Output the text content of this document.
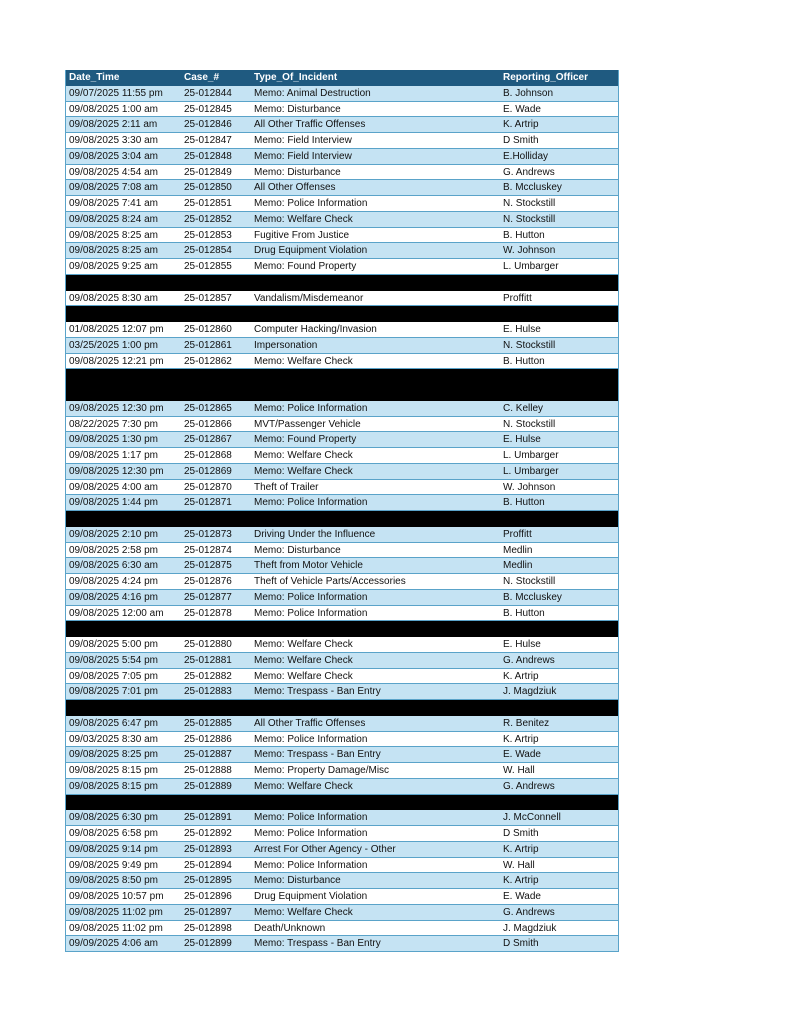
Date_Time	Case_#	Type_Of_Incident	Reporting_Officer
09/07/2025 11:55 pm	25-012844	Memo: Animal Destruction	B. Johnson
09/08/2025 1:00 am	25-012845	Memo: Disturbance	E. Wade
09/08/2025 2:11 am	25-012846	All Other Traffic Offenses	K. Artrip
09/08/2025 3:30 am	25-012847	Memo: Field Interview	D Smith
09/08/2025 3:04 am	25-012848	Memo: Field Interview	E.Holliday
09/08/2025 4:54 am	25-012849	Memo: Disturbance	G. Andrews
09/08/2025 7:08 am	25-012850	All Other Offenses	B. Mccluskey
09/08/2025 7:41 am	25-012851	Memo: Police Information	N. Stockstill
09/08/2025 8:24 am	25-012852	Memo: Welfare Check	N. Stockstill
09/08/2025 8:25 am	25-012853	Fugitive From Justice	B. Hutton
09/08/2025 8:25 am	25-012854	Drug Equipment Violation	W. Johnson
09/08/2025 9:25 am	25-012855	Memo: Found Property	L. Umbarger
09/08/2025 8:30 am	25-012857	Vandalism/Misdemeanor	Proffitt
01/08/2025 12:07 pm	25-012860	Computer Hacking/Invasion	E. Hulse
03/25/2025 1:00 pm	25-012861	Impersonation	N. Stockstill
09/08/2025 12:21 pm	25-012862	Memo: Welfare Check	B. Hutton
09/08/2025 12:30 pm	25-012865	Memo: Police Information	C. Kelley
08/22/2025 7:30 pm	25-012866	MVT/Passenger Vehicle	N. Stockstill
09/08/2025 1:30 pm	25-012867	Memo: Found Property	E. Hulse
09/08/2025 1:17 pm	25-012868	Memo: Welfare Check	L. Umbarger
09/08/2025 12:30 pm	25-012869	Memo: Welfare Check	L. Umbarger
09/08/2025 4:00 am	25-012870	Theft of Trailer	W. Johnson
09/08/2025 1:44 pm	25-012871	Memo: Police Information	B. Hutton
09/08/2025 2:10 pm	25-012873	Driving Under the Influence	Proffitt
09/08/2025 2:58 pm	25-012874	Memo: Disturbance	Medlin
09/08/2025 6:30 am	25-012875	Theft from Motor Vehicle	Medlin
09/08/2025 4:24 pm	25-012876	Theft of Vehicle Parts/Accessories	N. Stockstill
09/08/2025 4:16 pm	25-012877	Memo: Police Information	B. Mccluskey
09/08/2025 12:00 am	25-012878	Memo: Police Information	B. Hutton
09/08/2025 5:00 pm	25-012880	Memo: Welfare Check	E. Hulse
09/08/2025 5:54 pm	25-012881	Memo: Welfare Check	G. Andrews
09/08/2025 7:05 pm	25-012882	Memo: Welfare Check	K. Artrip
09/08/2025 7:01 pm	25-012883	Memo: Trespass - Ban Entry	J. Magdziuk
09/08/2025 6:47 pm	25-012885	All Other Traffic Offenses	R. Benitez
09/03/2025 8:30 am	25-012886	Memo: Police Information	K. Artrip
09/08/2025 8:25 pm	25-012887	Memo: Trespass - Ban Entry	E. Wade
09/08/2025 8:15 pm	25-012888	Memo: Property Damage/Misc	W. Hall
09/08/2025 8:15 pm	25-012889	Memo: Welfare Check	G. Andrews
09/08/2025 6:30 pm	25-012891	Memo: Police Information	J. McConnell
09/08/2025 6:58 pm	25-012892	Memo: Police Information	D Smith
09/08/2025 9:14 pm	25-012893	Arrest For Other Agency - Other	K. Artrip
09/08/2025 9:49 pm	25-012894	Memo: Police Information	W. Hall
09/08/2025 8:50 pm	25-012895	Memo: Disturbance	K. Artrip
09/08/2025 10:57 pm	25-012896	Drug Equipment Violation	E. Wade
09/08/2025 11:02 pm	25-012897	Memo: Welfare Check	G. Andrews
09/08/2025 11:02 pm	25-012898	Death/Unknown	J. Magdziuk
09/09/2025 4:06 am	25-012899	Memo: Trespass - Ban Entry	D Smith
